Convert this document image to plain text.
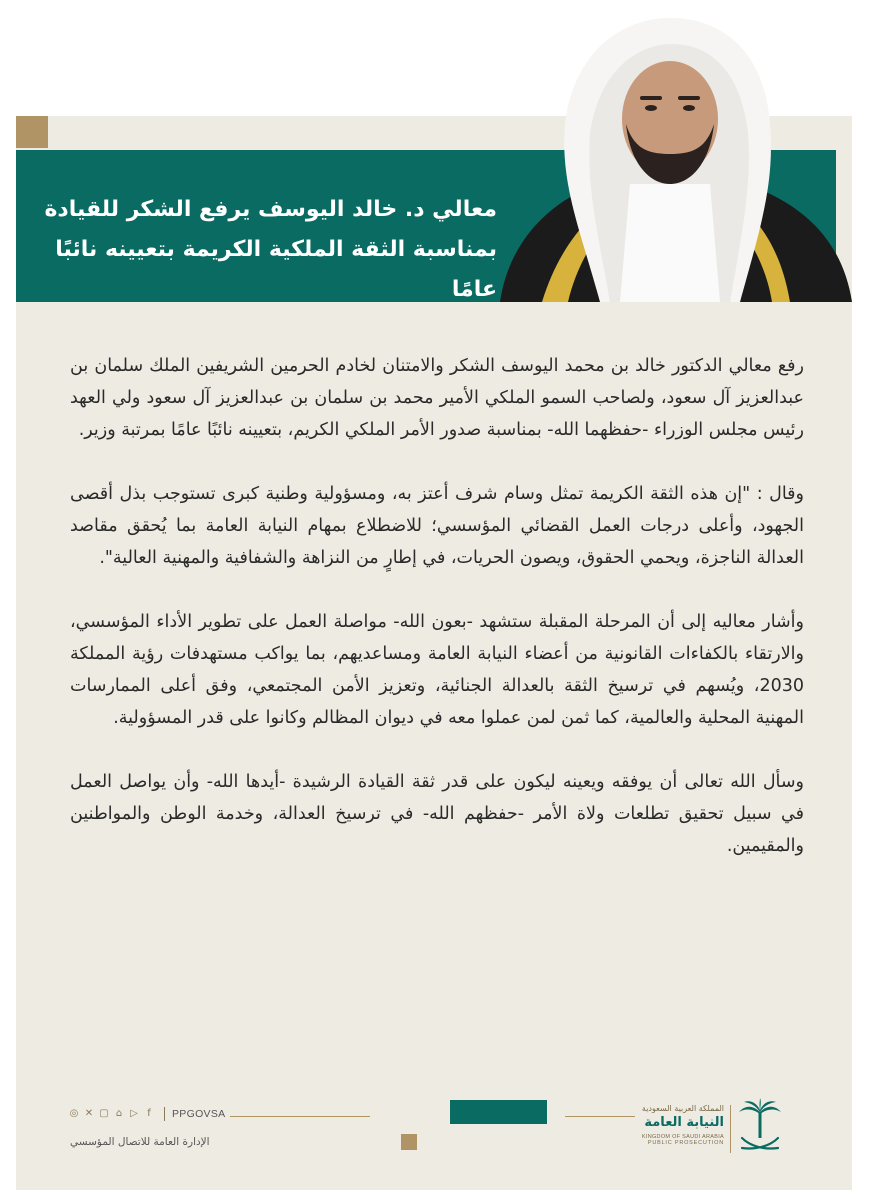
معالي د. خالد اليوسف يرفع الشكر للقيادة
بمناسبة الثقة الملكية الكريمة بتعيينه نائبًا عامًا

رفع معالي الدكتور خالد بن محمد اليوسف الشكر والامتنان لخادم الحرمين الشريفين الملك سلمان بن عبدالعزيز آل سعود، ولصاحب السمو الملكي الأمير محمد بن سلمان بن عبدالعزيز آل سعود ولي العهد رئيس مجلس الوزراء -حفظهما الله- بمناسبة صدور الأمر الملكي الكريم، بتعيينه نائبًا عامًا بمرتبة وزير.

وقال : "إن هذه الثقة الكريمة تمثل وسام شرف أعتز به، ومسؤولية وطنية كبرى تستوجب بذل أقصى الجهود، وأعلى درجات العمل القضائي المؤسسي؛ للاضطلاع بمهام النيابة العامة بما يُحقق مقاصد العدالة الناجزة، ويحمي الحقوق، ويصون الحريات، في إطارٍ من النزاهة والشفافية والمهنية العالية".

وأشار معاليه إلى أن المرحلة المقبلة ستشهد -بعون الله- مواصلة العمل على تطوير الأداء المؤسسي، والارتقاء بالكفاءات القانونية من أعضاء النيابة العامة ومساعديهم، بما يواكب مستهدفات رؤية المملكة 2030، ويُسهم في ترسيخ الثقة بالعدالة الجنائية، وتعزيز الأمن المجتمعي، وفق أعلى الممارسات المهنية المحلية والعالمية، كما ثمن لمن عملوا معه في ديوان المظالم وكانوا على قدر المسؤولية.

وسأل الله تعالى أن يوفقه ويعينه ليكون على قدر ثقة القيادة الرشيدة -أيدها الله- وأن يواصل العمل في سبيل تحقيق تطلعات ولاة الأمر -حفظهم الله- في ترسيخ العدالة، وخدمة الوطن والمواطنين والمقيمين.

◎ ✕ ▢ ⌂ ▷ f	PPGOVSA
الإدارة العامة للاتصال المؤسسي
المملكة العربية السعودية
النيابة العامة
KINGDOM OF SAUDI ARABIA
PUBLIC PROSECUTION
